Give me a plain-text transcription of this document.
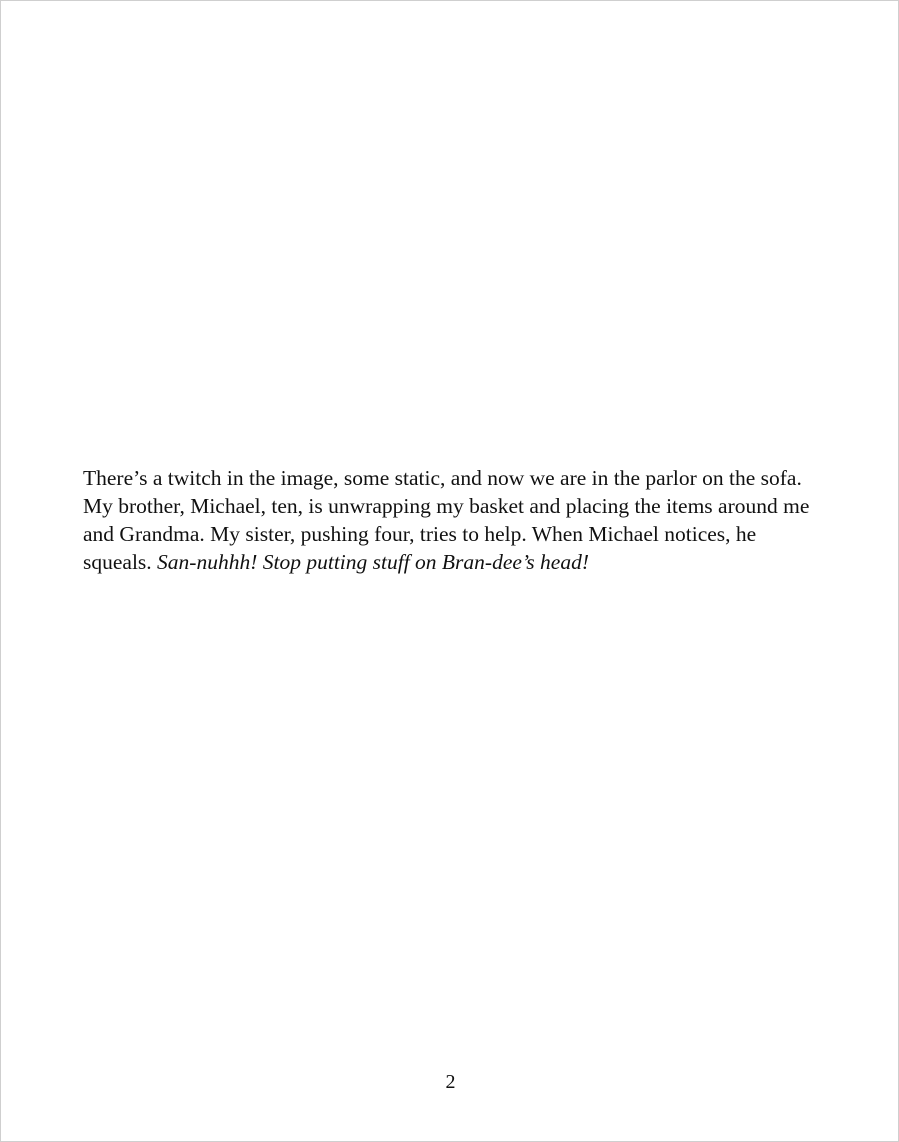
There’s a twitch in the image, some static, and now we are in the parlor on the sofa. My brother, Michael, ten, is unwrapping my basket and placing the items around me and Grandma. My sister, pushing four, tries to help. When Michael notices, he squeals. San-nuhhh! Stop putting stuff on Bran-dee’s head!

2
